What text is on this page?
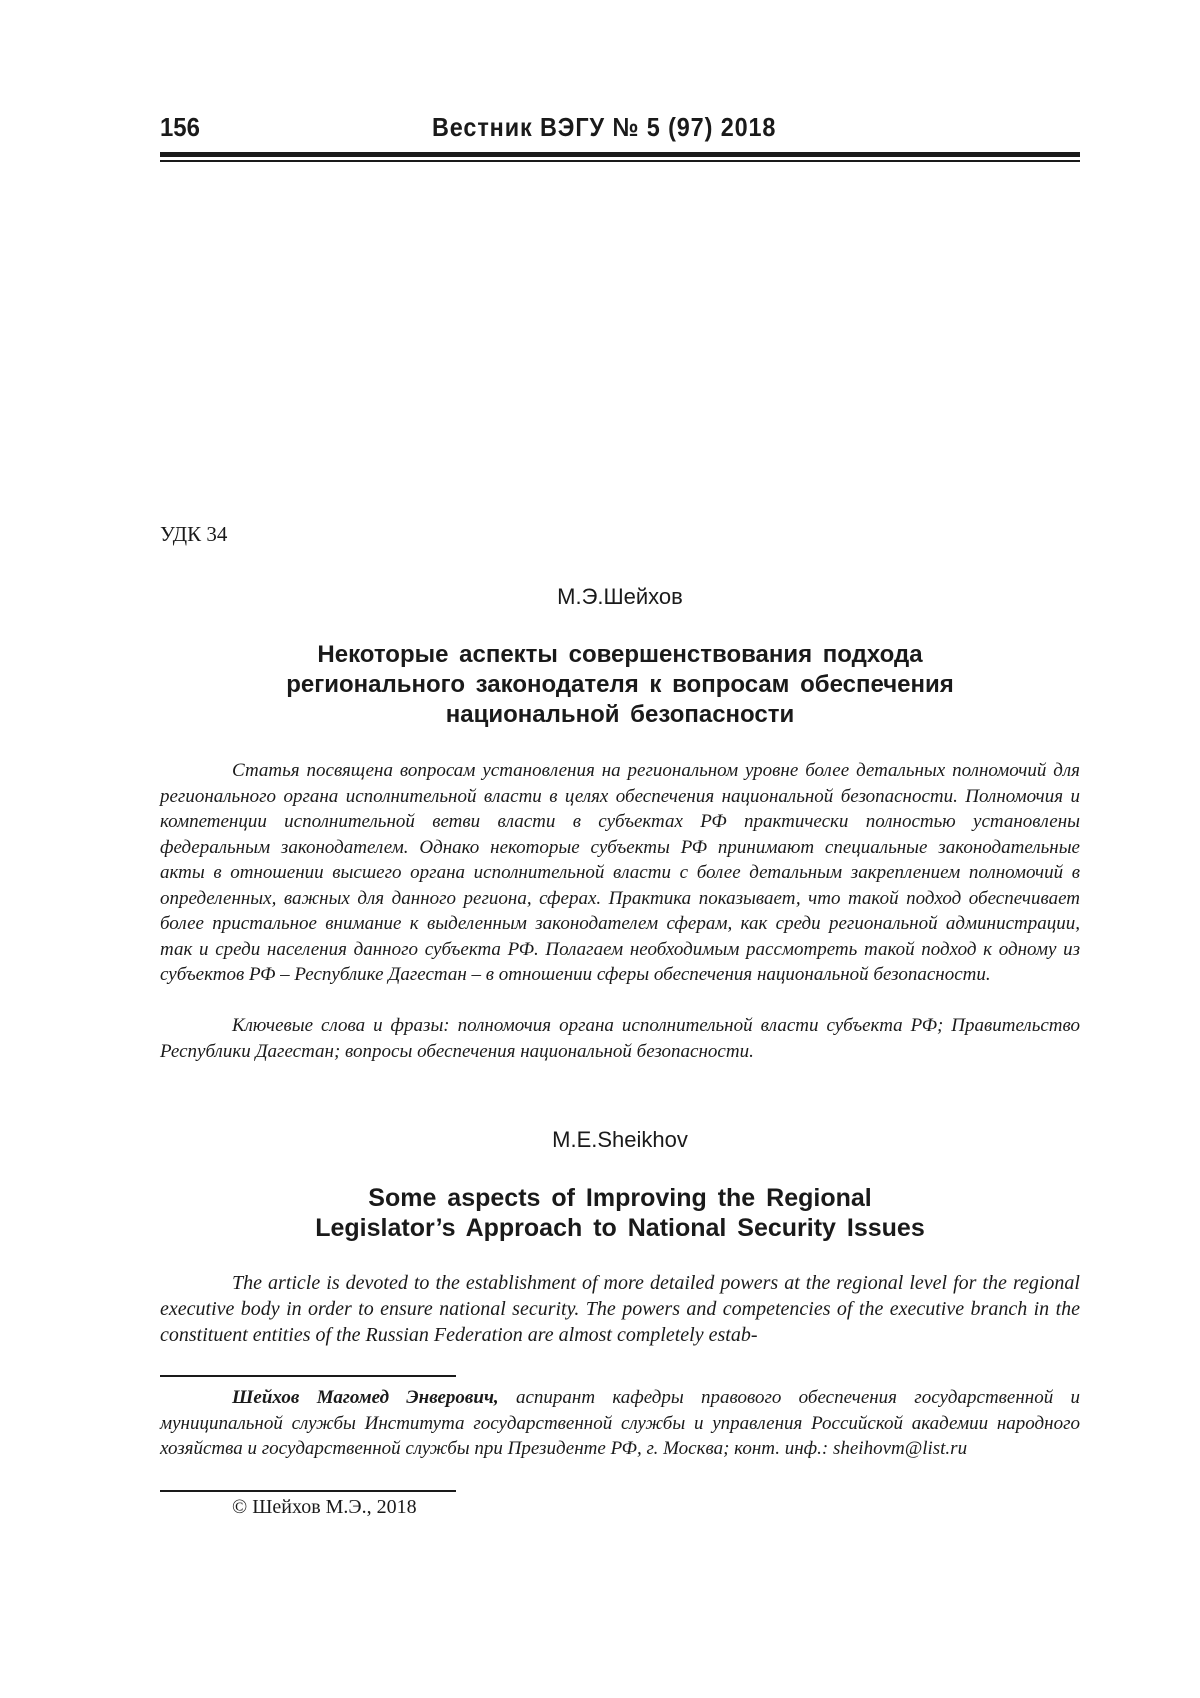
156	Вестник ВЭГУ № 5 (97) 2018
УДК 34
М.Э.Шейхов
Некоторые аспекты совершенствования подхода
регионального законодателя к вопросам обеспечения
национальной безопасности

Статья посвящена вопросам установления на региональном уровне более детальных полномочий для регионального органа исполнительной власти в целях обеспечения национальной безопасности. Полномочия и компетенции исполнительной ветви власти в субъектах РФ практически полностью установлены федеральным законодателем. Однако некоторые субъекты РФ принимают специальные законодательные акты в отношении высшего органа исполнительной власти с более детальным закреплением полномочий в определенных, важных для данного региона, сферах. Практика показывает, что такой подход обеспечивает более пристальное внимание к выделенным законодателем сферам, как среди региональной администрации, так и среди населения данного субъекта РФ. Полагаем необходимым рассмотреть такой подход к одному из субъектов РФ – Республике Дагестан – в отношении сферы обеспечения национальной безопасности.

Ключевые слова и фразы: полномочия органа исполнительной власти субъекта РФ; Правительство Республики Дагестан; вопросы обеспечения национальной безопасности.

M.E.Sheikhov
Some aspects of Improving the Regional
Legislator’s Approach to National Security Issues

The article is devoted to the establishment of more detailed powers at the regional level for the regional executive body in order to ensure national security. The powers and competencies of the executive branch in the constituent entities of the Russian Federation are almost completely estab-

Шейхов Магомед Энверович, аспирант кафедры правового обеспечения государственной и муниципальной службы Института государственной службы и управления Российской академии народного хозяйства и государственной службы при Президенте РФ, г. Москва; конт. инф.: sheihovm@list.ru

© Шейхов М.Э., 2018
